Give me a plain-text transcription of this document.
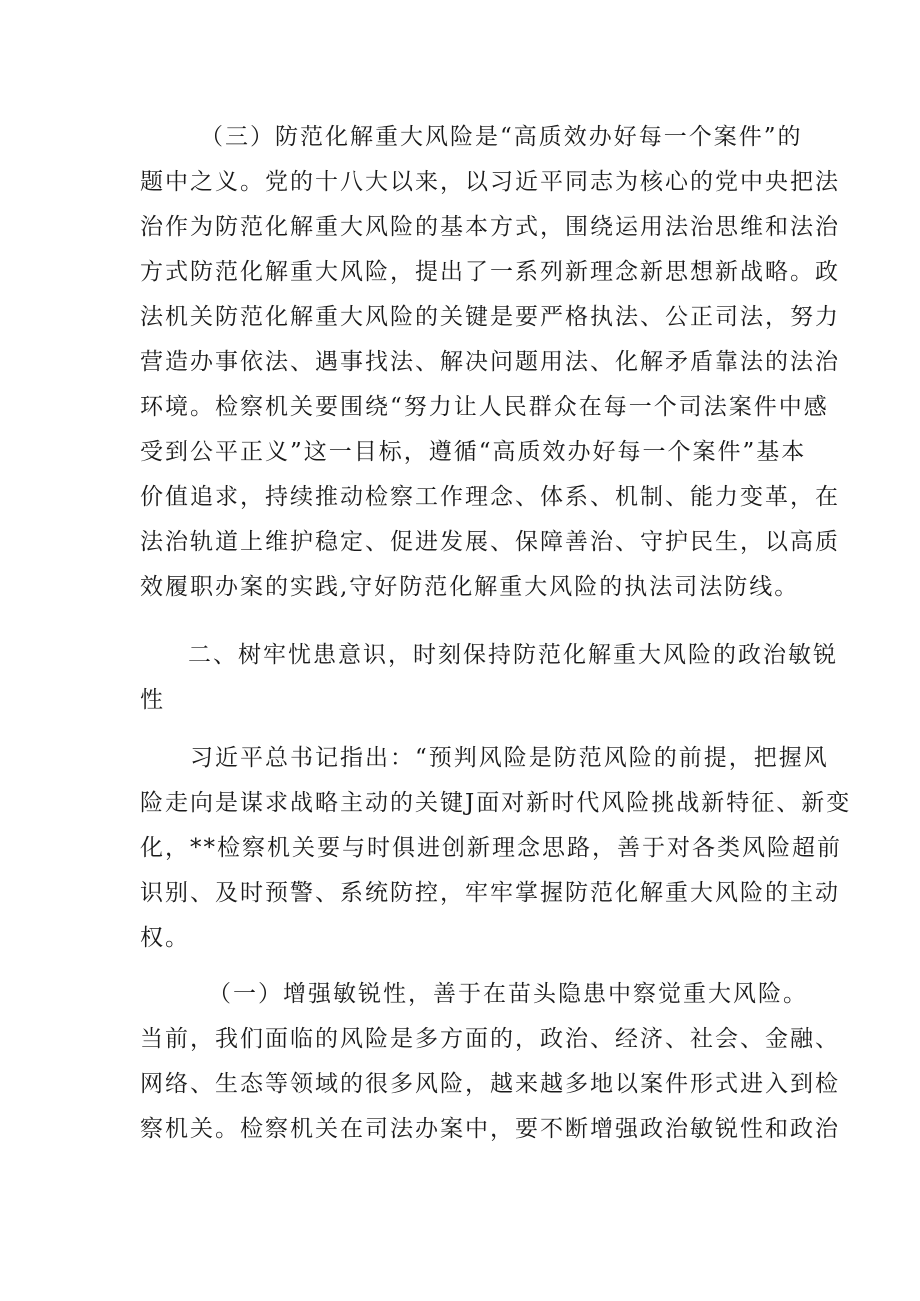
（三）防范化解重大风险是“高质效办好每一个案件”的
题中之义。党的十八大以来，以习近平同志为核心的党中央把法
治作为防范化解重大风险的基本方式，围绕运用法治思维和法治
方式防范化解重大风险，提出了一系列新理念新思想新战略。政
法机关防范化解重大风险的关键是要严格执法、公正司法，努力
营造办事依法、遇事找法、解决问题用法、化解矛盾靠法的法治
环境。检察机关要围绕“努力让人民群众在每一个司法案件中感
受到公平正义”这一目标，遵循“高质效办好每一个案件”基本
价值追求，持续推动检察工作理念、体系、机制、能力变革，在
法治轨道上维护稳定、促进发展、保障善治、守护民生，以高质
效履职办案的实践,守好防范化解重大风险的执法司法防线。
二、树牢忧患意识，时刻保持防范化解重大风险的政治敏锐
性
习近平总书记指出：“预判风险是防范风险的前提，把握风
险走向是谋求战略主动的关键J面对新时代风险挑战新特征、新变
化，**检察机关要与时俱进创新理念思路，善于对各类风险超前
识别、及时预警、系统防控，牢牢掌握防范化解重大风险的主动
权。
（一）增强敏锐性，善于在苗头隐患中察觉重大风险。
当前，我们面临的风险是多方面的，政治、经济、社会、金融、
网络、生态等领域的很多风险，越来越多地以案件形式进入到检
察机关。检察机关在司法办案中，要不断增强政治敏锐性和政治
